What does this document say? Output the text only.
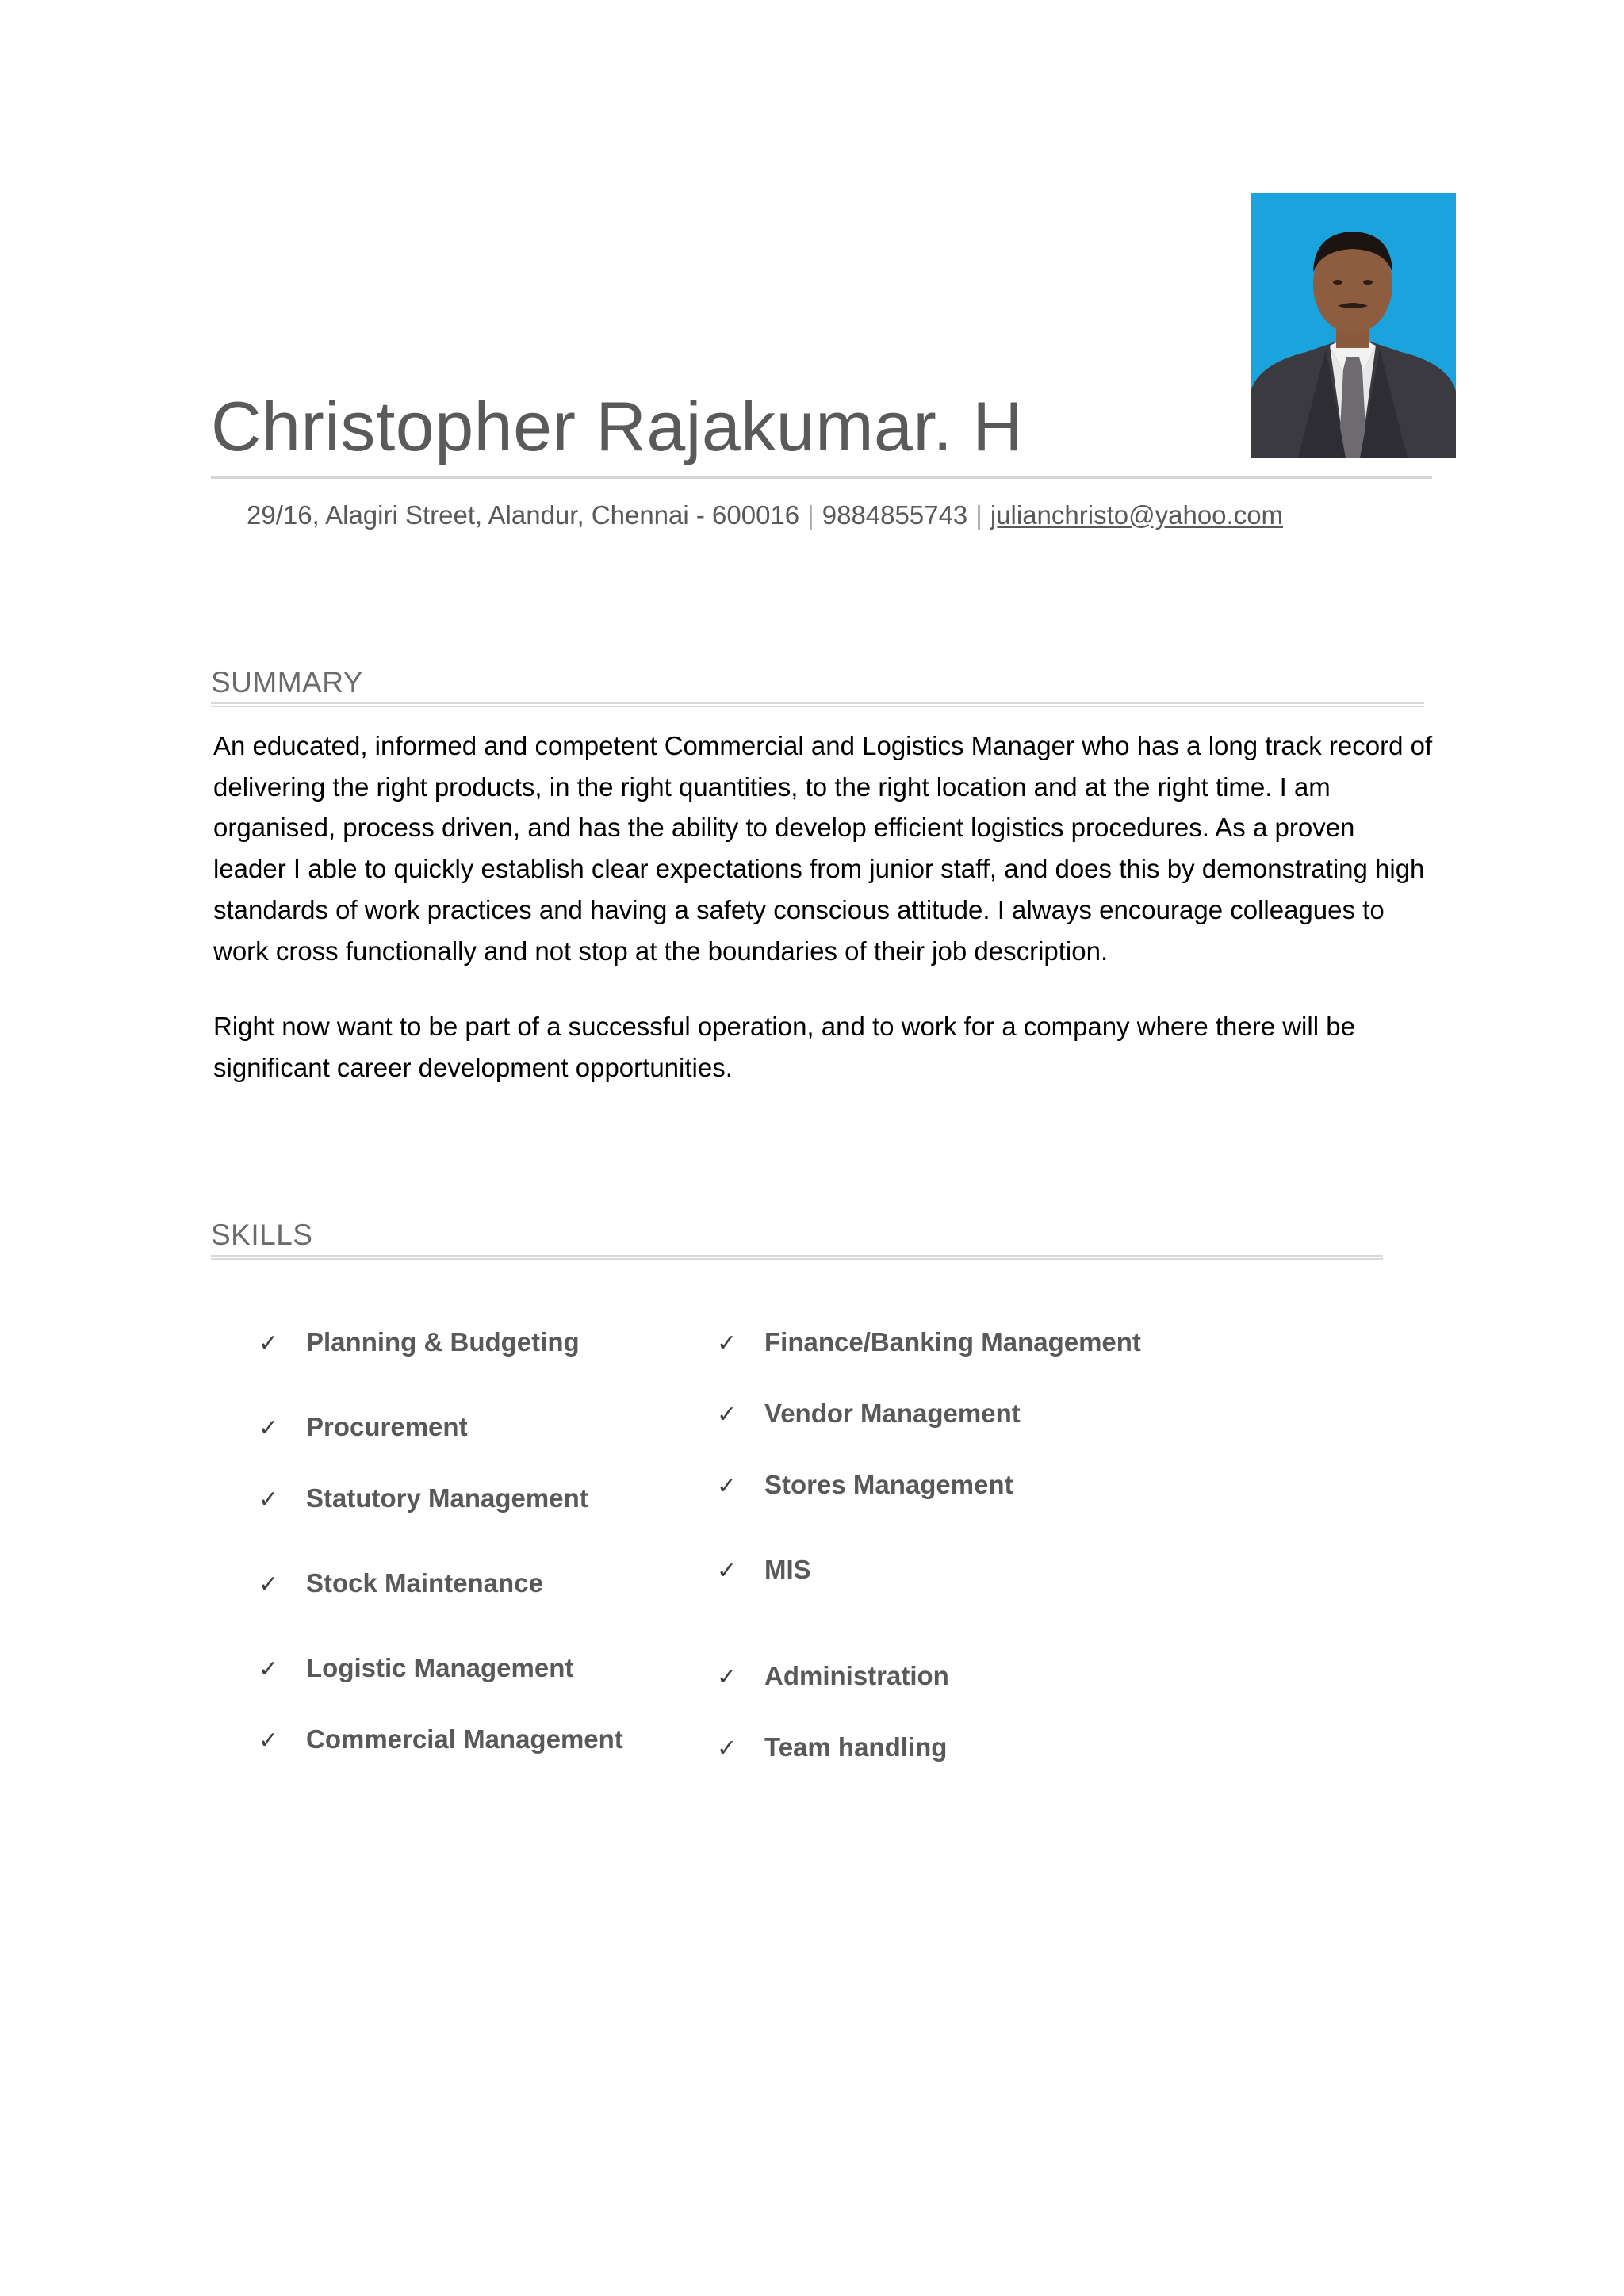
Christopher Rajakumar. H
29/16, Alagiri Street, Alandur, Chennai - 600016 | 9884855743 | julianchristo@yahoo.com
SUMMARY

An educated, informed and competent Commercial and Logistics Manager who has a long track record of delivering the right products, in the right quantities, to the right location and at the right time. I am organised, process driven, and has the ability to develop efficient logistics procedures. As a proven leader I able to quickly establish clear expectations from junior staff, and does this by demonstrating high standards of work practices and having a safety conscious attitude. I always encourage colleagues to work cross functionally and not stop at the boundaries of their job description.

Right now want to be part of a successful operation, and to work for a company where there will be significant career development opportunities.

SKILLS
✓	Planning & Budgeting
✓	Procurement
✓	Statutory Management
✓	Stock Maintenance
✓	Logistic Management
✓	Commercial Management
✓	Finance/Banking Management
✓	Vendor Management
✓	Stores Management
✓	MIS
✓	Administration
✓	Team handling
